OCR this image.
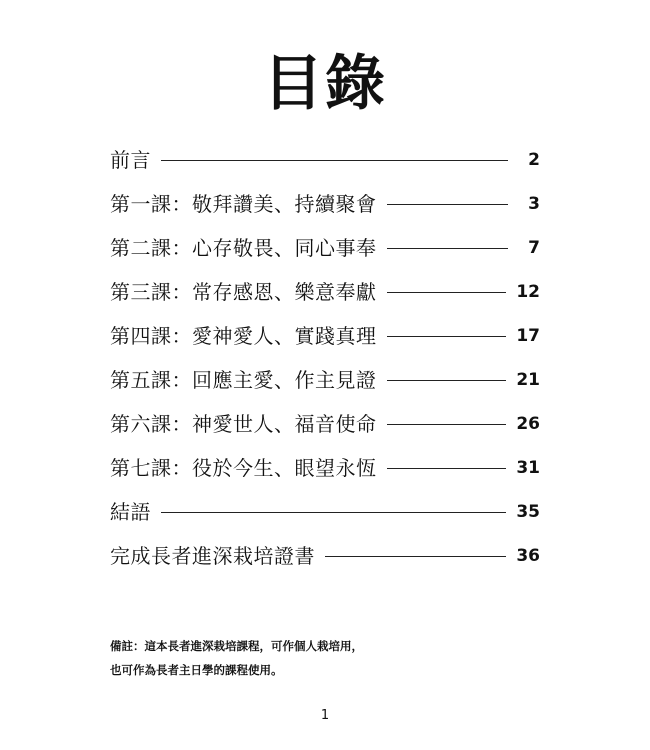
目錄
前言	2
第一課：敬拜讚美、持續聚會	3
第二課：心存敬畏、同心事奉	7
第三課：常存感恩、樂意奉獻	12
第四課：愛神愛人、實踐真理	17
第五課：回應主愛、作主見證	21
第六課：神愛世人、福音使命	26
第七課：役於今生、眼望永恆	31
結語	35
完成長者進深栽培證書	36
備註：這本長者進深栽培課程，可作個人栽培用，
也可作為長者主日學的課程使用。
1
